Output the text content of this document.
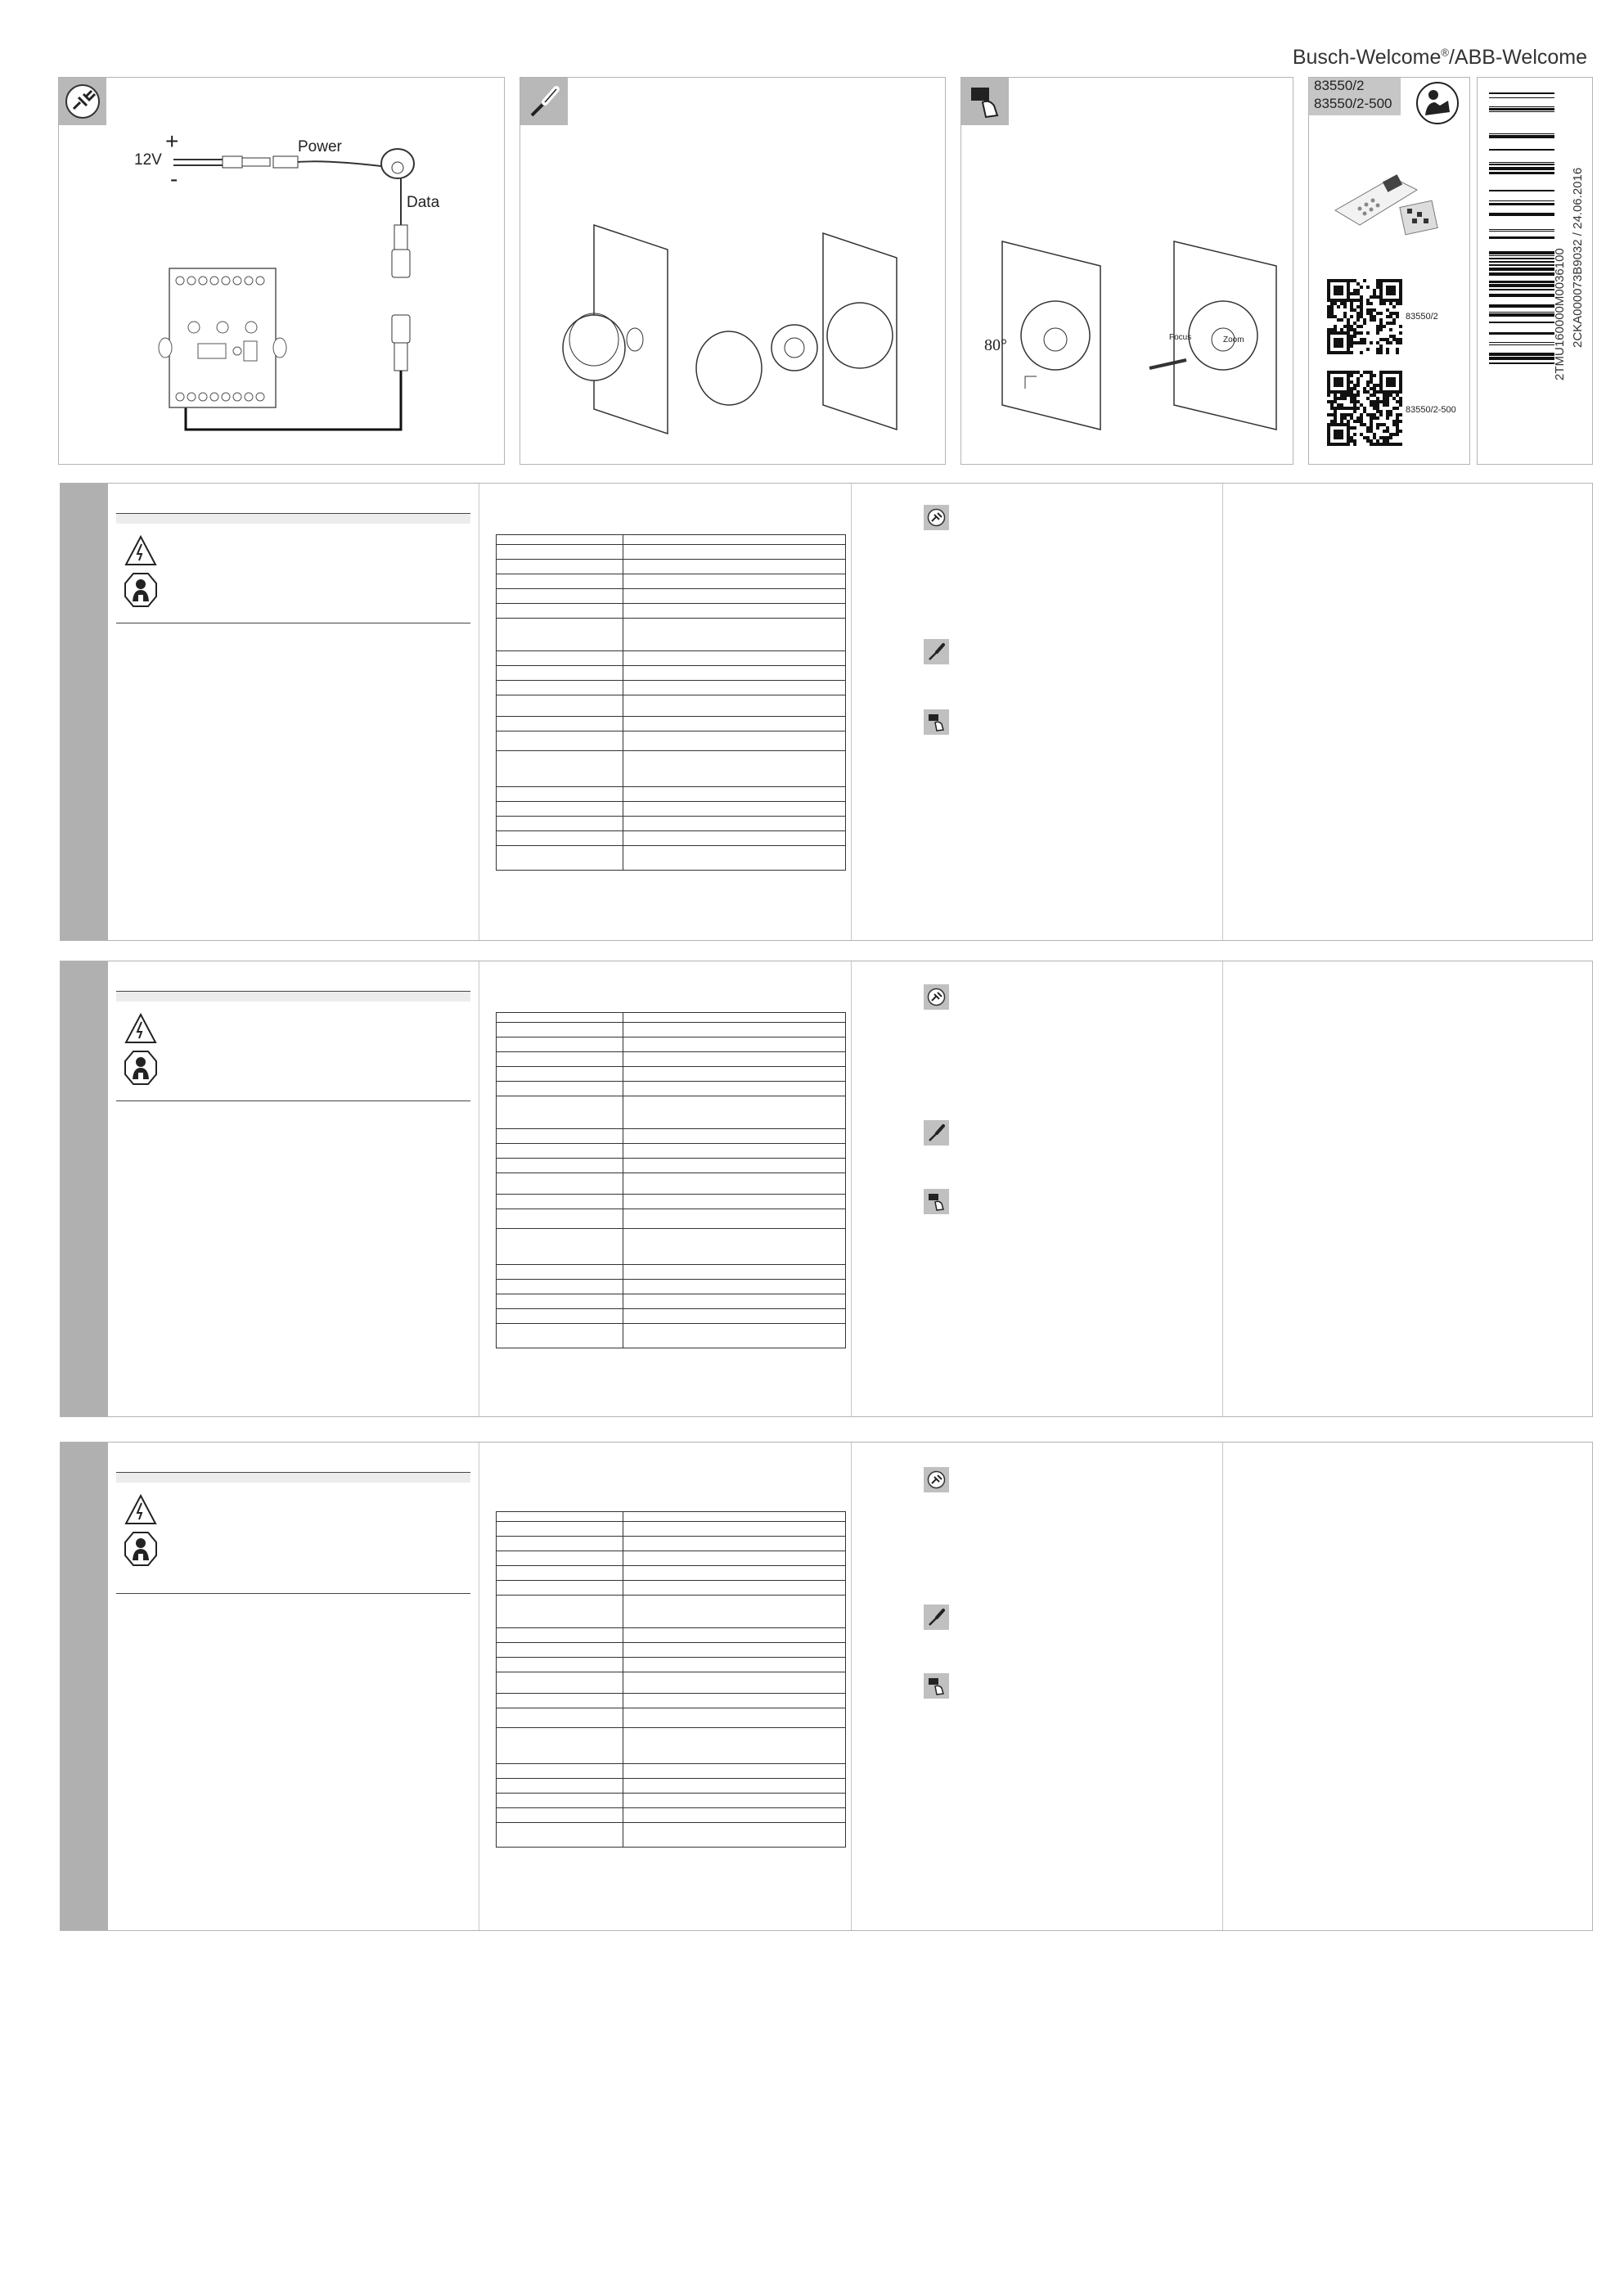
Busch-Welcome®/ABB-Welcome
+
12V
-
Power
Data
80°	Focus	Zoom
83550/2
83550/2-500
83550/2
83550/2-500
2TMU160000M0036100 2CKA000073B9032 / 24.06.2016
